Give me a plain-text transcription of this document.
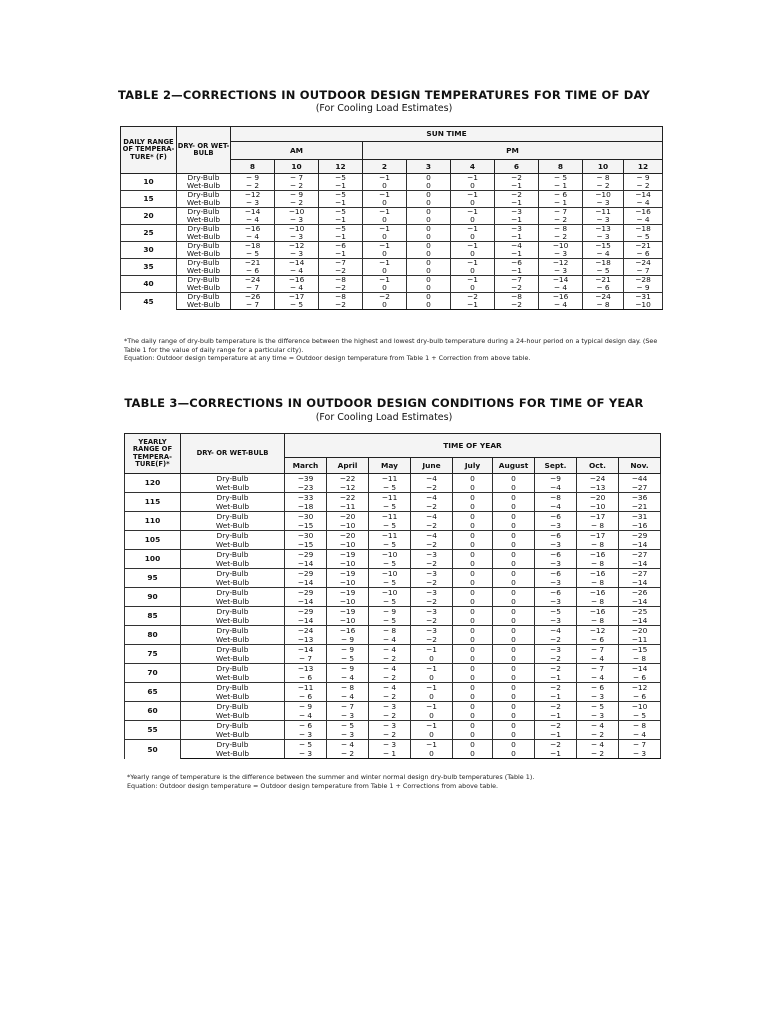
TABLE 2—CORRECTIONS IN OUTDOOR DESIGN TEMPERATURES FOR TIME OF DAY
(For Cooling Load Estimates)
DAILY RANGE OF TEMPERA- TURE* (F)	DRY- OR WET- BULB	SUN TIME									
		AM			PM						
		8	10	12	2	3	4	6	8	10	12
10	Dry-Bulb	− 9	− 7	−5	−1	0	−1	−2	− 5	− 8	− 9
	Wet-Bulb	− 2	− 2	−1	0	0	0	−1	− 1	− 2	− 2
15	Dry-Bulb	−12	− 9	−5	−1	0	−1	−2	− 6	−10	−14
	Wet-Bulb	− 3	− 2	−1	0	0	0	−1	− 1	− 3	− 4
20	Dry-Bulb	−14	−10	−5	−1	0	−1	−3	− 7	−11	−16
	Wet-Bulb	− 4	− 3	−1	0	0	0	−1	− 2	− 3	− 4
25	Dry-Bulb	−16	−10	−5	−1	0	−1	−3	− 8	−13	−18
	Wet-Bulb	− 4	− 3	−1	0	0	0	−1	− 2	− 3	− 5
30	Dry-Bulb	−18	−12	−6	−1	0	−1	−4	−10	−15	−21
	Wet-Bulb	− 5	− 3	−1	0	0	0	−1	− 3	− 4	− 6
35	Dry-Bulb	−21	−14	−7	−1	0	−1	−6	−12	−18	−24
	Wet-Bulb	− 6	− 4	−2	0	0	0	−1	− 3	− 5	− 7
40	Dry-Bulb	−24	−16	−8	−1	0	−1	−7	−14	−21	−28
	Wet-Bulb	− 7	− 4	−2	0	0	0	−2	− 4	− 6	− 9
45	Dry-Bulb	−26	−17	−8	−2	0	−2	−8	−16	−24	−31
	Wet-Bulb	− 7	− 5	−2	0	0	−1	−2	− 4	− 8	−10

*The daily range of dry-bulb temperature is the difference between the highest and lowest dry-bulb temperature during a 24-hour period on a typical design day. (See Table 1 for the value of daily range for a particular city).

Equation: Outdoor design temperature at any time = Outdoor design temperature from Table 1 + Correction from above table.

TABLE 3—CORRECTIONS IN OUTDOOR DESIGN CONDITIONS FOR TIME OF YEAR
(For Cooling Load Estimates)
YEARLY RANGE OF TEMPERA- TURE(F)*	DRY- OR WET-BULB	TIME OF YEAR								
		March	April	May	June	July	August	Sept.	Oct.	Nov.
120	Dry-Bulb	−39	−22	−11	−4	0	0	−9	−24	−44
	Wet-Bulb	−23	−12	− 5	−2	0	0	−4	−13	−27
115	Dry-Bulb	−33	−22	−11	−4	0	0	−8	−20	−36
	Wet-Bulb	−18	−11	− 5	−2	0	0	−4	−10	−21
110	Dry-Bulb	−30	−20	−11	−4	0	0	−6	−17	−31
	Wet-Bulb	−15	−10	− 5	−2	0	0	−3	− 8	−16
105	Dry-Bulb	−30	−20	−11	−4	0	0	−6	−17	−29
	Wet-Bulb	−15	−10	− 5	−2	0	0	−3	− 8	−14
100	Dry-Bulb	−29	−19	−10	−3	0	0	−6	−16	−27
	Wet-Bulb	−14	−10	− 5	−2	0	0	−3	− 8	−14
95	Dry-Bulb	−29	−19	−10	−3	0	0	−6	−16	−27
	Wet-Bulb	−14	−10	− 5	−2	0	0	−3	− 8	−14
90	Dry-Bulb	−29	−19	−10	−3	0	0	−6	−16	−26
	Wet-Bulb	−14	−10	− 5	−2	0	0	−3	− 8	−14
85	Dry-Bulb	−29	−19	− 9	−3	0	0	−5	−16	−25
	Wet-Bulb	−14	−10	− 5	−2	0	0	−3	− 8	−14
80	Dry-Bulb	−24	−16	− 8	−3	0	0	−4	−12	−20
	Wet-Bulb	−13	− 9	− 4	−2	0	0	−2	− 6	−11
75	Dry-Bulb	−14	− 9	− 4	−1	0	0	−3	− 7	−15
	Wet-Bulb	− 7	− 5	− 2	0	0	0	−2	− 4	− 8
70	Dry-Bulb	−13	− 9	− 4	−1	0	0	−2	− 7	−14
	Wet-Bulb	− 6	− 4	− 2	0	0	0	−1	− 4	− 6
65	Dry-Bulb	−11	− 8	− 4	−1	0	0	−2	− 6	−12
	Wet-Bulb	− 6	− 4	− 2	0	0	0	−1	− 3	− 6
60	Dry-Bulb	− 9	− 7	− 3	−1	0	0	−2	− 5	−10
	Wet-Bulb	− 4	− 3	− 2	0	0	0	−1	− 3	− 5
55	Dry-Bulb	− 6	− 5	− 3	−1	0	0	−2	− 4	− 8
	Wet-Bulb	− 3	− 3	− 2	0	0	0	−1	− 2	− 4
50	Dry-Bulb	− 5	− 4	− 3	−1	0	0	−2	− 4	− 7
	Wet-Bulb	− 3	− 2	− 1	0	0	0	−1	− 2	− 3

*Yearly range of temperature is the difference between the summer and winter normal design dry-bulb temperatures (Table 1).

Equation: Outdoor design temperature = Outdoor design temperature from Table 1 + Corrections from above table.
